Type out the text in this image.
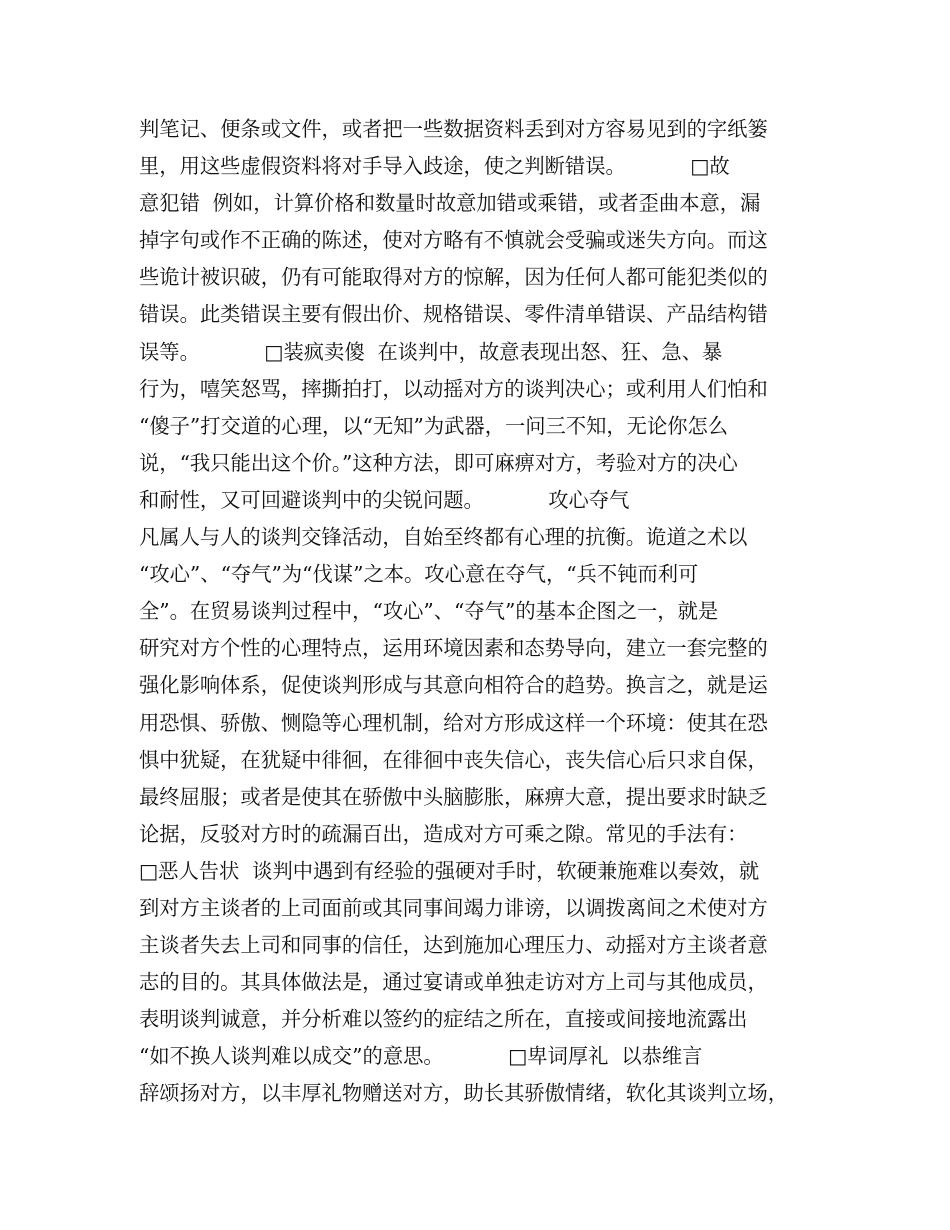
判笔记、便条或文件，或者把一些数据资料丢到对方容易见到的字纸篓
里，用这些虚假资料将对手导入歧途，使之判断错误。          □故
意犯错  例如，计算价格和数量时故意加错或乘错，或者歪曲本意，漏
掉字句或作不正确的陈述，使对方略有不慎就会受骗或迷失方向。而这
些诡计被识破，仍有可能取得对方的惊解，因为任何人都可能犯类似的
错误。此类错误主要有假出价、规格错误、零件清单错误、产品结构错
误等。          □装疯卖傻  在谈判中，故意表现出怒、狂、急、暴
行为，嘻笑怒骂，摔撕拍打，以动摇对方的谈判决心；或利用人们怕和
“傻子”打交道的心理，以“无知”为武器，一问三不知，无论你怎么
说，“我只能出这个价。”这种方法，即可麻痹对方，考验对方的决心
和耐性，又可回避谈判中的尖锐问题。          攻心夺气
凡属人与人的谈判交锋活动，自始至终都有心理的抗衡。诡道之术以
“攻心”、“夺气”为“伐谋”之本。攻心意在夺气，“兵不钝而利可
全”。在贸易谈判过程中，“攻心”、“夺气”的基本企图之一，就是
研究对方个性的心理特点，运用环境因素和态势导向，建立一套完整的
强化影响体系，促使谈判形成与其意向相符合的趋势。换言之，就是运
用恐惧、骄傲、恻隐等心理机制，给对方形成这样一个环境：使其在恐
惧中犹疑，在犹疑中徘徊，在徘徊中丧失信心，丧失信心后只求自保，
最终屈服；或者是使其在骄傲中头脑膨胀，麻痹大意，提出要求时缺乏
论据，反驳对方时的疏漏百出，造成对方可乘之隙。常见的手法有：
□恶人告状  谈判中遇到有经验的强硬对手时，软硬兼施难以奏效，就
到对方主谈者的上司面前或其同事间竭力诽谤，以调拨离间之术使对方
主谈者失去上司和同事的信任，达到施加心理压力、动摇对方主谈者意
志的目的。其具体做法是，通过宴请或单独走访对方上司与其他成员，
表明谈判诚意，并分析难以签约的症结之所在，直接或间接地流露出
“如不换人谈判难以成交”的意思。          □卑词厚礼  以恭维言
辞颂扬对方，以丰厚礼物赠送对方，助长其骄傲情绪，软化其谈判立场，
